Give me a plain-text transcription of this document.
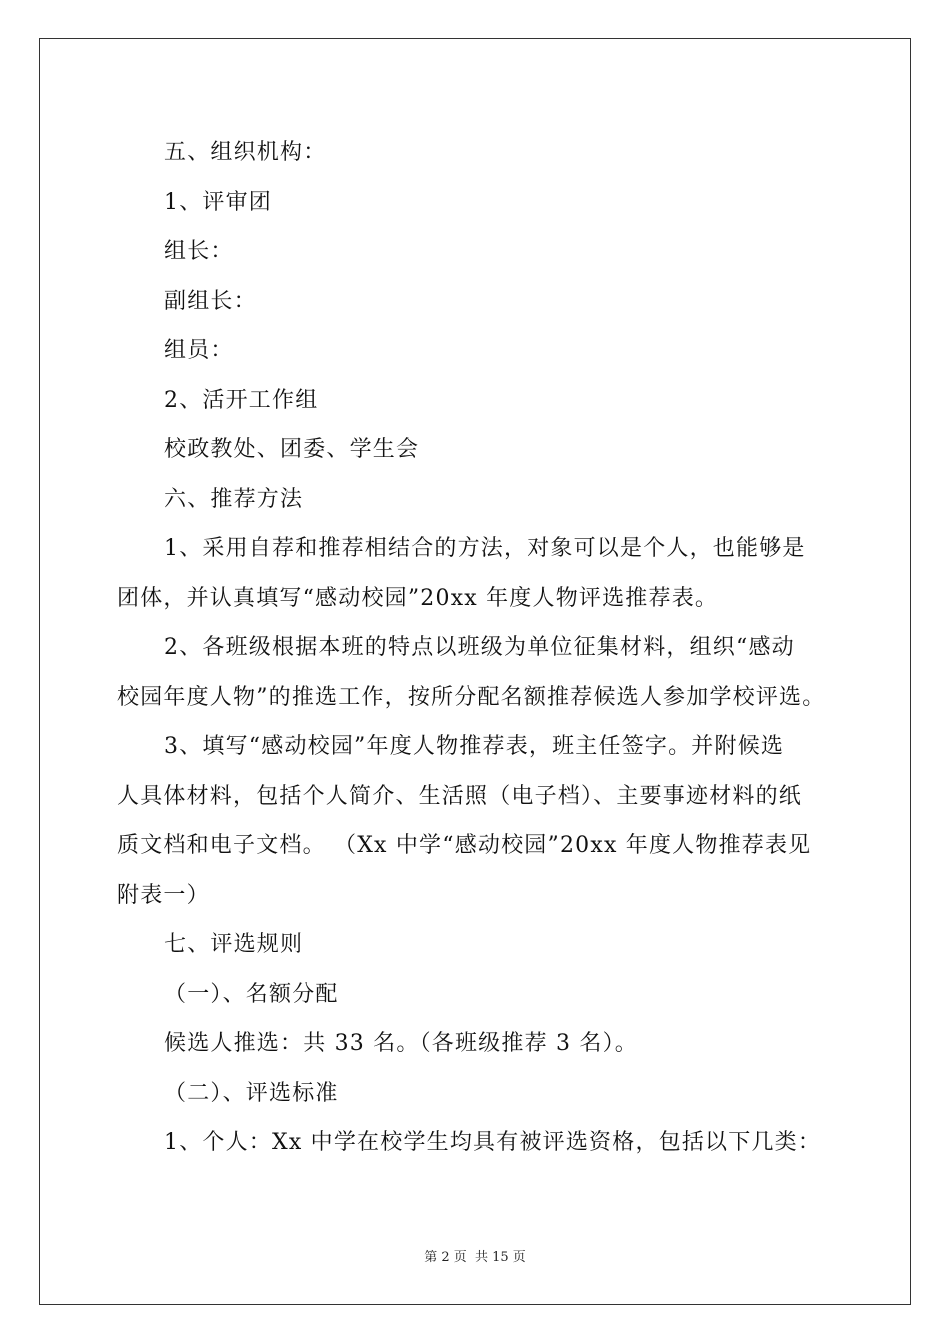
五、组织机构：
1、评审团
组长：
副组长：
组员：
2、活开工作组
校政教处、团委、学生会
六、推荐方法
1、采用自荐和推荐相结合的方法，对象可以是个人，也能够是
团体，并认真填写“感动校园”20xx 年度人物评选推荐表。
2、各班级根据本班的特点以班级为单位征集材料，组织“感动
校园年度人物”的推选工作，按所分配名额推荐候选人参加学校评选。
3、填写“感动校园”年度人物推荐表，班主任签字。并附候选
人具体材料，包括个人简介、生活照（电子档）、主要事迹材料的纸
质文档和电子文档。 （Xx 中学“感动校园”20xx 年度人物推荐表见
附表一）
七、评选规则
（一）、名额分配
候选人推选：共 33 名。（各班级推荐 3 名）。
（二）、评选标准
1、个人：Xx 中学在校学生均具有被评选资格，包括以下几类：
第 2 页 共 15 页
